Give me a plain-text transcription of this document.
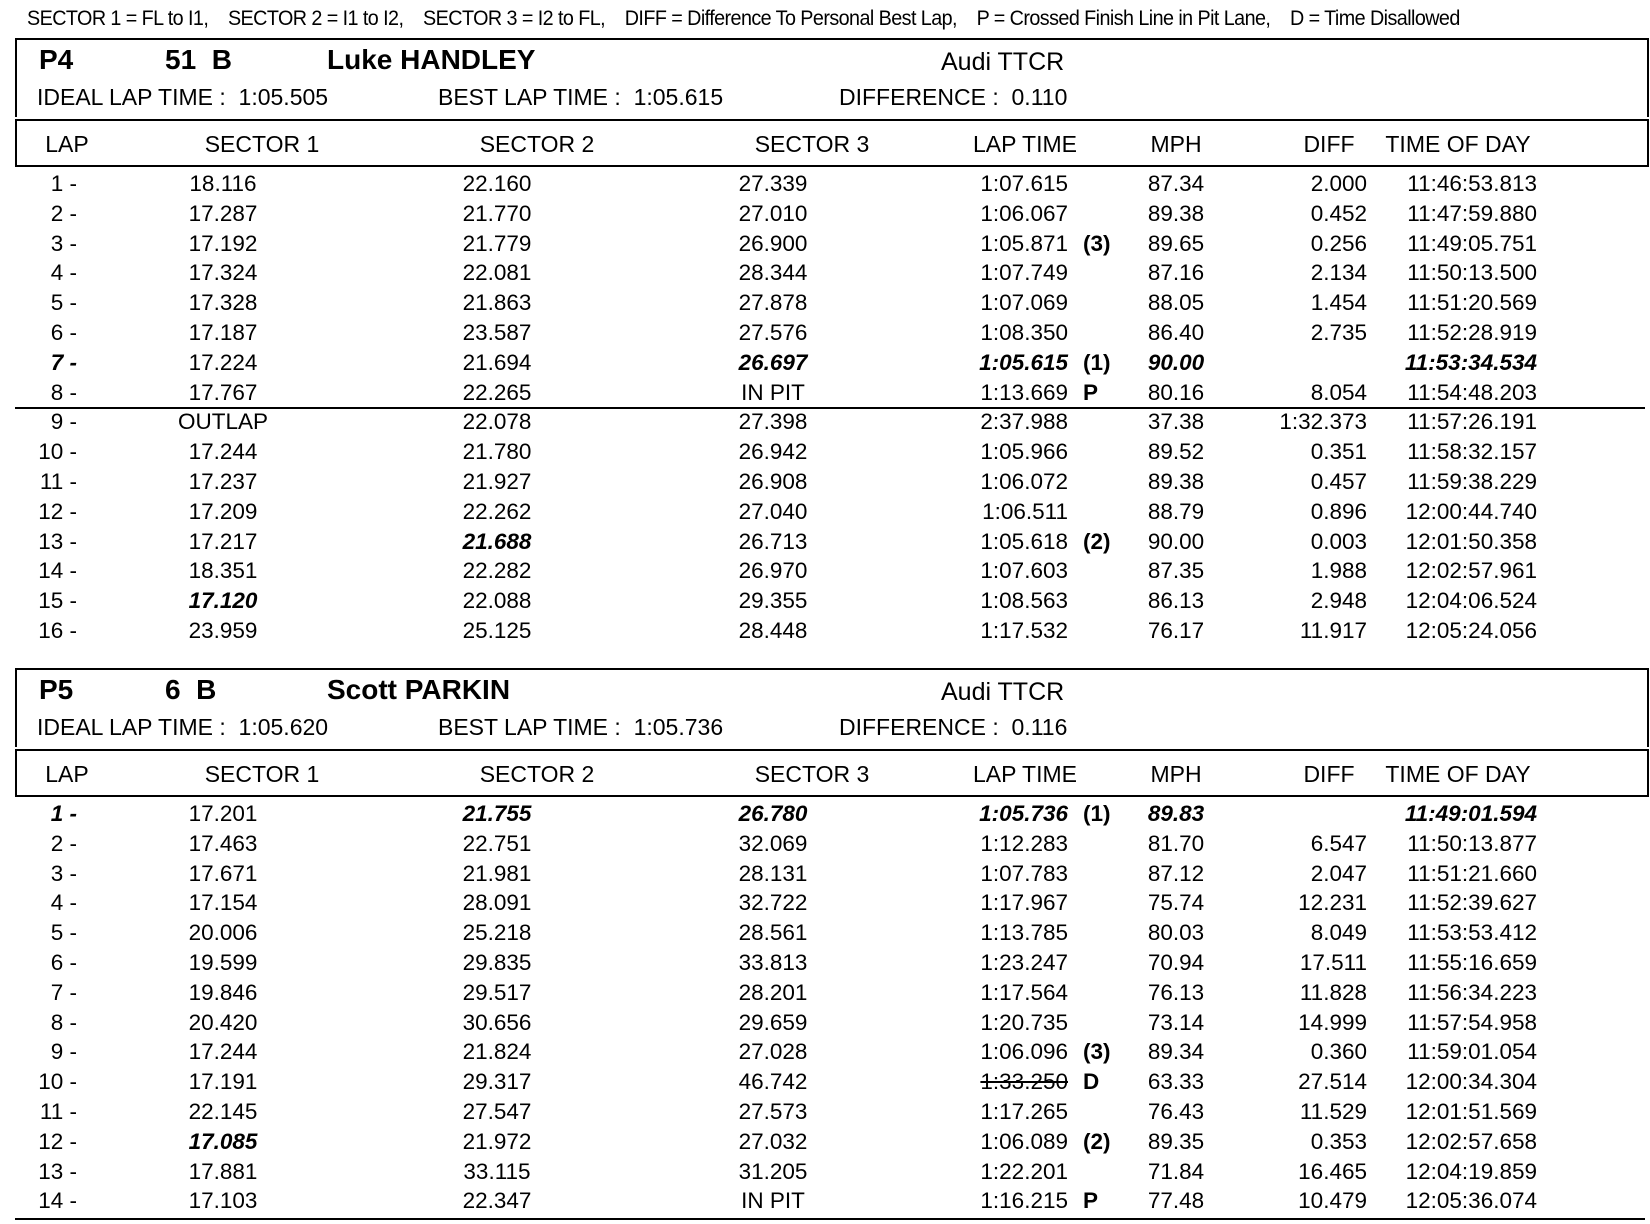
SECTOR 1 = FL to I1,    SECTOR 2 = I1 to I2,    SECTOR 3 = I2 to FL,    DIFF = Difference To Personal Best Lap,    P = Crossed Finish Line in Pit Lane,    D = Time Disallowed
P4	51  B	Luke HANDLEY	Audi TTCR
IDEAL LAP TIME :  1:05.505	BEST LAP TIME :  1:05.615	DIFFERENCE :  0.110
LAP	SECTOR 1	SECTOR 2	SECTOR 3	LAP TIME	MPH	DIFF TIME OF DAY
1 -	18.116	22.160	27.339	1:07.615	87.34	2.000 11:46:53.813
2 -	17.287	21.770	27.010	1:06.067	89.38	0.452 11:47:59.880
3 -	17.192	21.779	26.900	1:05.871 (3) 89.65	0.256 11:49:05.751
4 -	17.324	22.081	28.344	1:07.749	87.16	2.134 11:50:13.500
5 -	17.328	21.863	27.878	1:07.069	88.05	1.454 11:51:20.569
6 -	17.187	23.587	27.576	1:08.350	86.40	2.735 11:52:28.919
7 -	17.224	21.694	26.697	1:05.615 (1) 90.00	11:53:34.534
8 -	17.767	22.265	IN PIT	1:13.669 P 80.16	8.054 11:54:48.203
9 -	OUTLAP	22.078	27.398	2:37.988	37.38	1:32.373 11:57:26.191
10 -	17.244	21.780	26.942	1:05.966	89.52	0.351 11:58:32.157
11 -	17.237	21.927	26.908	1:06.072	89.38	0.457 11:59:38.229
12 -	17.209	22.262	27.040	1:06.511	88.79	0.896 12:00:44.740
13 -	17.217	21.688	26.713	1:05.618 (2) 90.00	0.003 12:01:50.358
14 -	18.351	22.282	26.970	1:07.603	87.35	1.988 12:02:57.961
15 -	17.120	22.088	29.355	1:08.563	86.13	2.948 12:04:06.524
16 -	23.959	25.125	28.448	1:17.532	76.17	11.917 12:05:24.056
P5	6  B	Scott PARKIN	Audi TTCR
IDEAL LAP TIME :  1:05.620	BEST LAP TIME :  1:05.736	DIFFERENCE :  0.116
LAP	SECTOR 1	SECTOR 2	SECTOR 3	LAP TIME	MPH	DIFF TIME OF DAY
1 -	17.201	21.755	26.780	1:05.736 (1) 89.83	11:49:01.594
2 -	17.463	22.751	32.069	1:12.283	81.70	6.547 11:50:13.877
3 -	17.671	21.981	28.131	1:07.783	87.12	2.047 11:51:21.660
4 -	17.154	28.091	32.722	1:17.967	75.74	12.231 11:52:39.627
5 -	20.006	25.218	28.561	1:13.785	80.03	8.049 11:53:53.412
6 -	19.599	29.835	33.813	1:23.247	70.94	17.511 11:55:16.659
7 -	19.846	29.517	28.201	1:17.564	76.13	11.828 11:56:34.223
8 -	20.420	30.656	29.659	1:20.735	73.14	14.999 11:57:54.958
9 -	17.244	21.824	27.028	1:06.096 (3) 89.34	0.360 11:59:01.054
10 -	17.191	29.317	46.742	1:33.250 D 63.33	27.514 12:00:34.304
11 -	22.145	27.547	27.573	1:17.265	76.43	11.529 12:01:51.569
12 -	17.085	21.972	27.032	1:06.089 (2) 89.35	0.353 12:02:57.658
13 -	17.881	33.115	31.205	1:22.201	71.84	16.465 12:04:19.859
14 -	17.103	22.347	IN PIT	1:16.215 P 77.48	10.479 12:05:36.074
